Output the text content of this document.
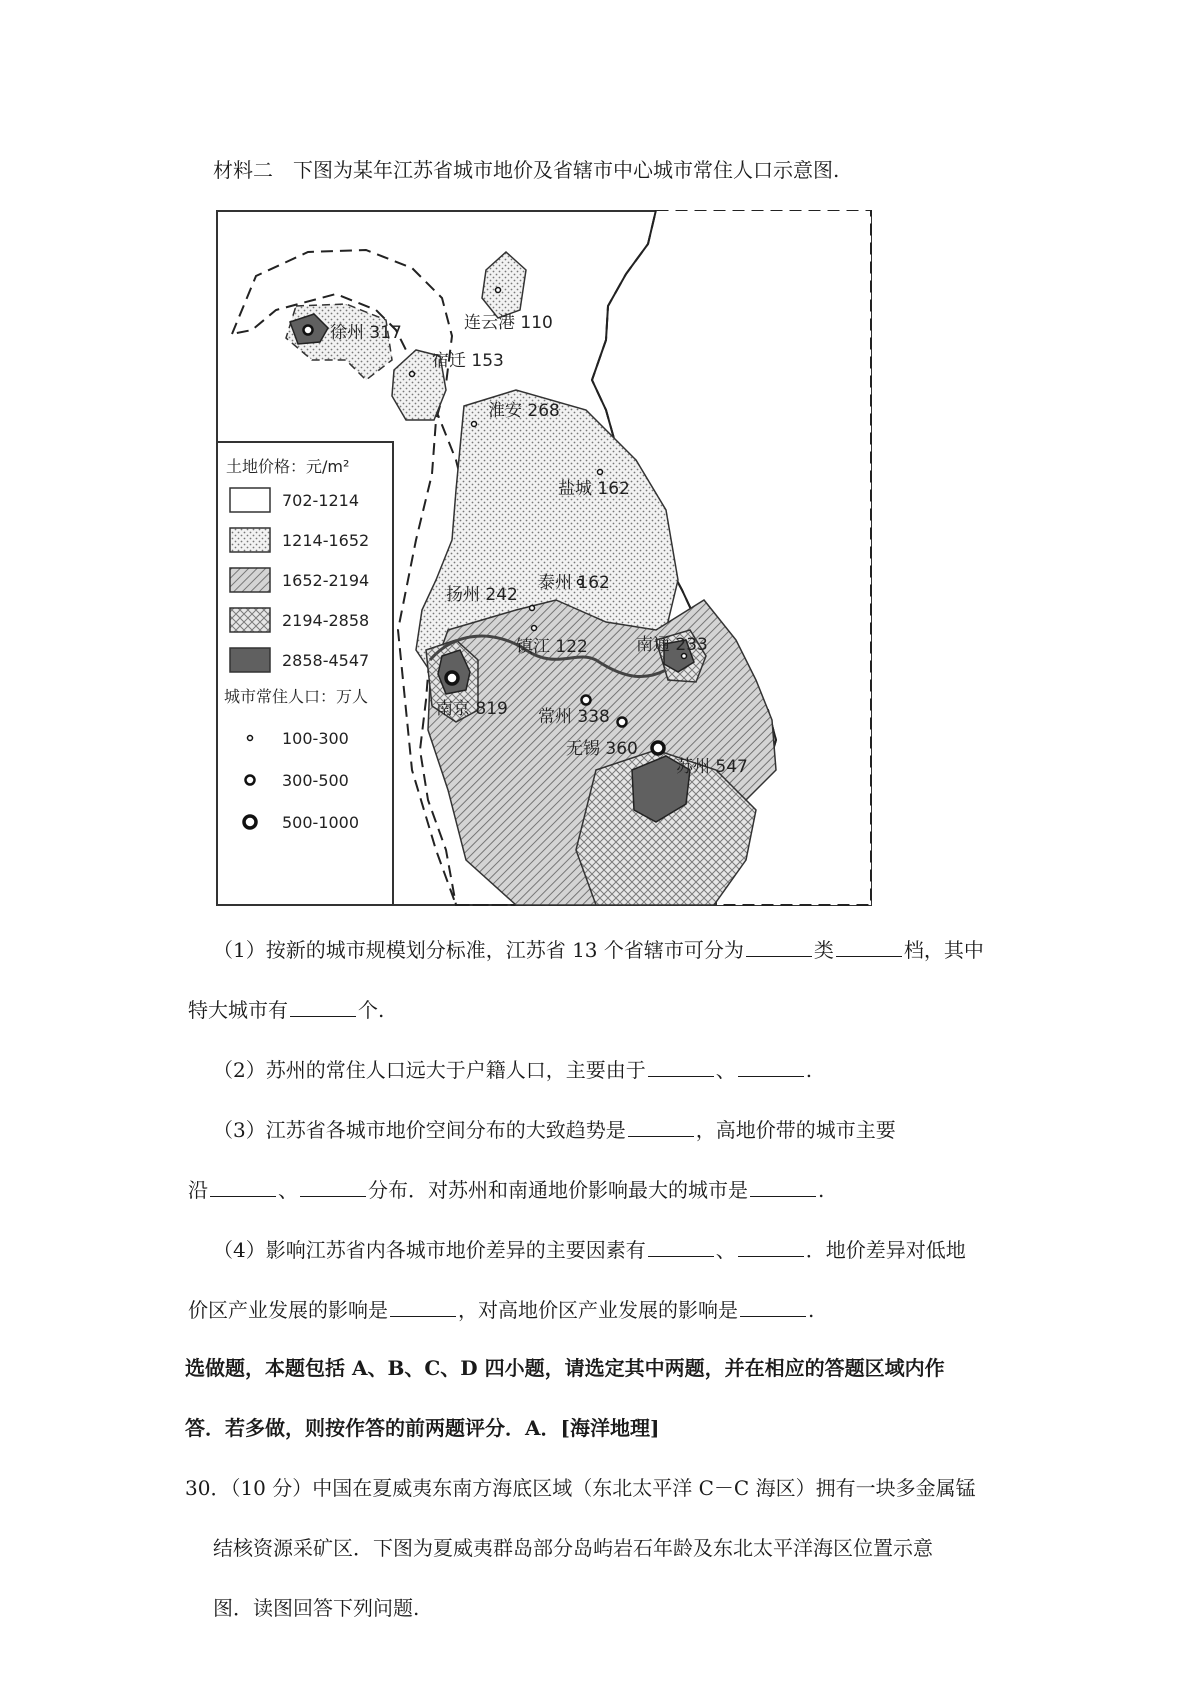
材料二　下图为某年江苏省城市地价及省辖市中心城市常住人口示意图.
土地价格：元/m²
702-1214
1214-1652
1652-2194
2194-2858
2858-4547
城市常住人口：万人
100-300
300-500
500-1000
徐州 317	连云港 110
宿迁 153
淮安 268
盐城 162
扬州 242
泰州 162
镇江 122	南通 233
南京 819 常州 338
无锡 360
苏州 547
（1）按新的城市规模划分标准，江苏省 13 个省辖市可分为	类	档，其中
特大城市有	个.
（2）苏州的常住人口远大于户籍人口，主要由于	、	.
（3）江苏省各城市地价空间分布的大致趋势是	，高地价带的城市主要
沿	、	分布．对苏州和南通地价影响最大的城市是	.
（4）影响江苏省内各城市地价差异的主要因素有	、	．地价差异对低地
价区产业发展的影响是	，对高地价区产业发展的影响是	.
选做题，本题包括 A、B、C、D 四小题，请选定其中两题，并在相应的答题区域内作
答．若多做，则按作答的前两题评分．A．[海洋地理]
30．（10 分）中国在夏威夷东南方海底区域（东北太平洋 C－C 海区）拥有一块多金属锰
结核资源采矿区．下图为夏威夷群岛部分岛屿岩石年龄及东北太平洋海区位置示意
图．读图回答下列问题.
